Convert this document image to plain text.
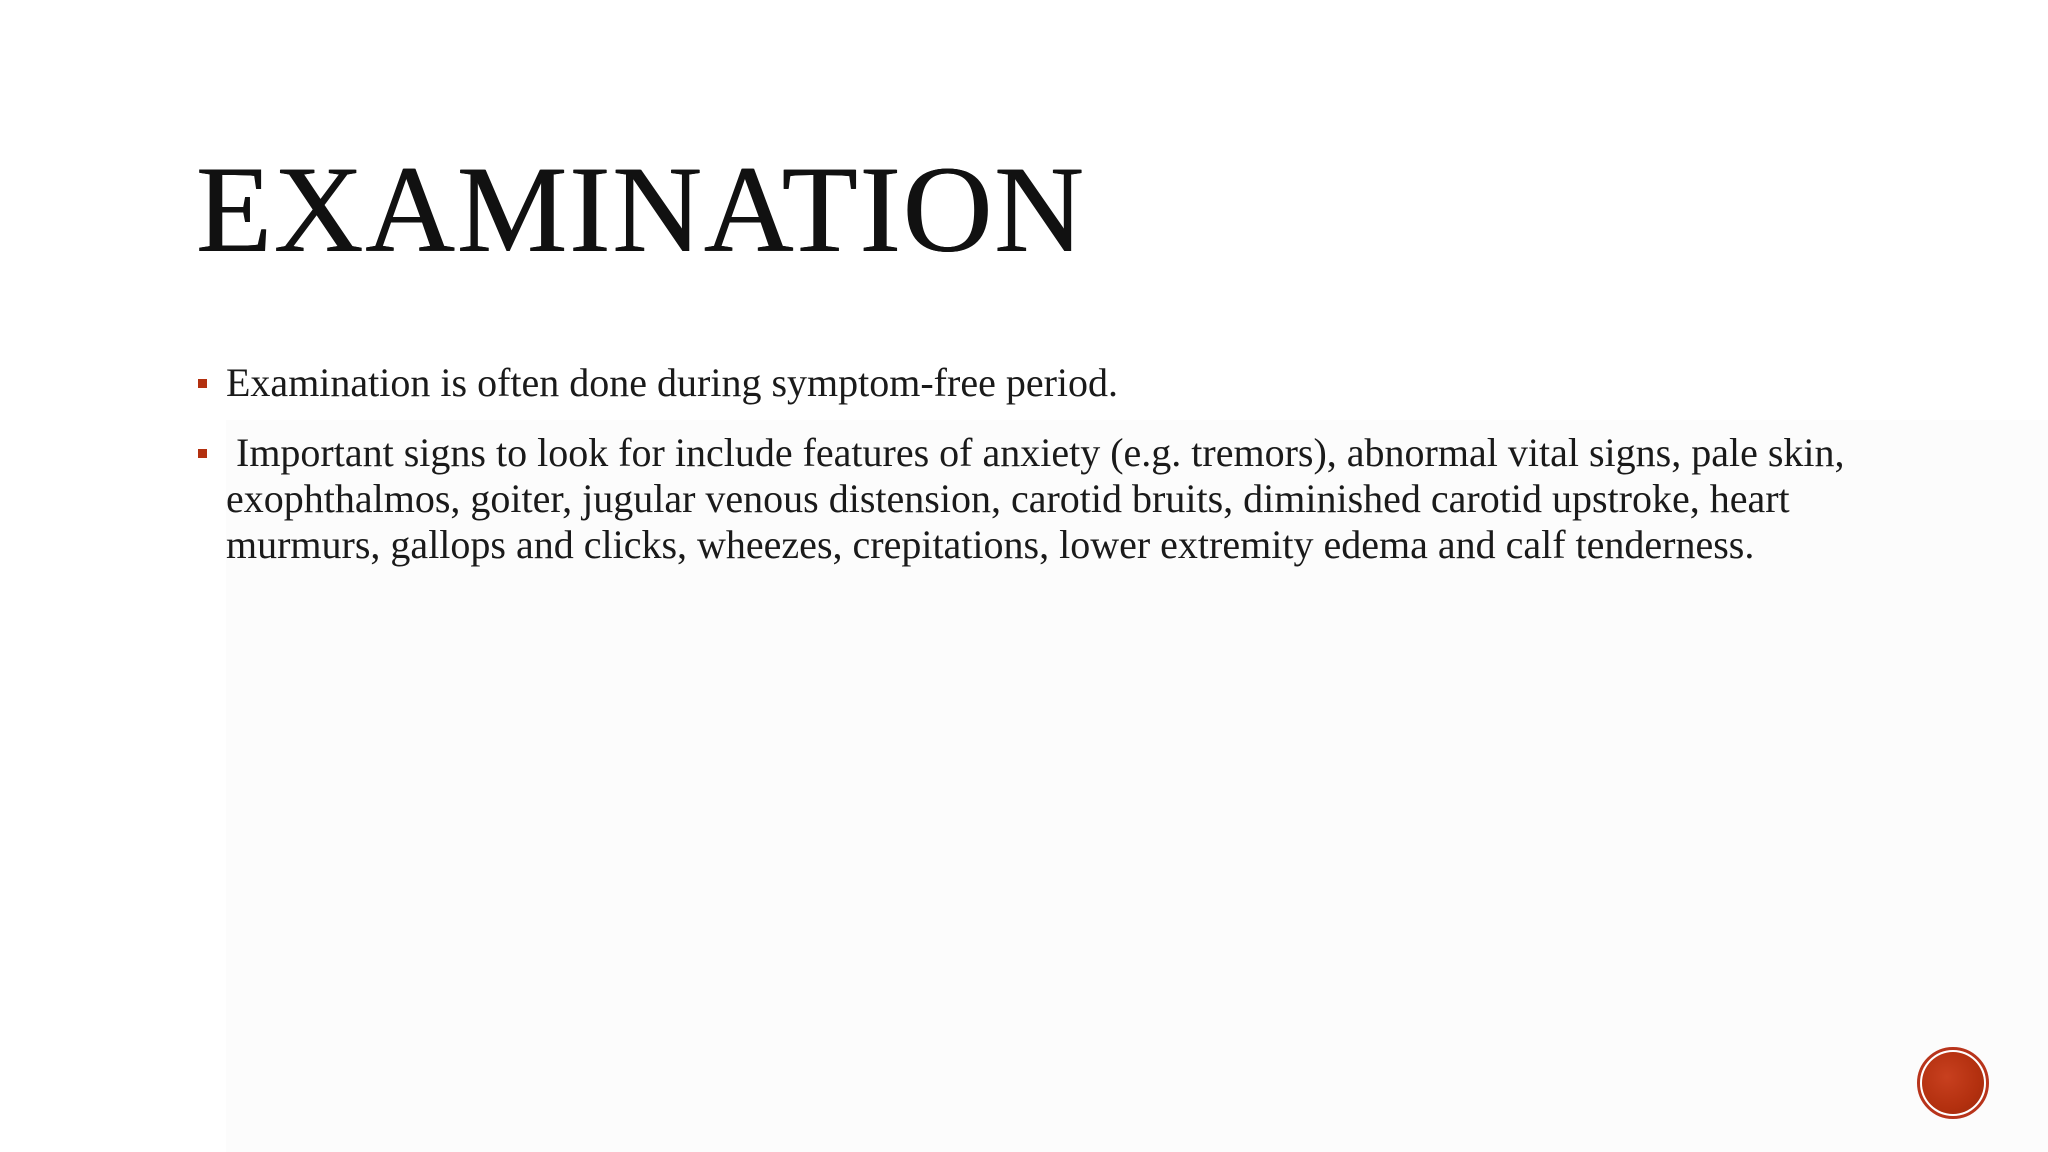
EXAMINATION
Examination is often done during symptom-free period.
Important signs to look for include features of anxiety (e.g. tremors), abnormal vital signs, pale skin, exophthalmos, goiter, jugular venous distension, carotid bruits, diminished carotid upstroke, heart murmurs, gallops and clicks, wheezes, crepitations, lower extremity edema and calf tenderness.
